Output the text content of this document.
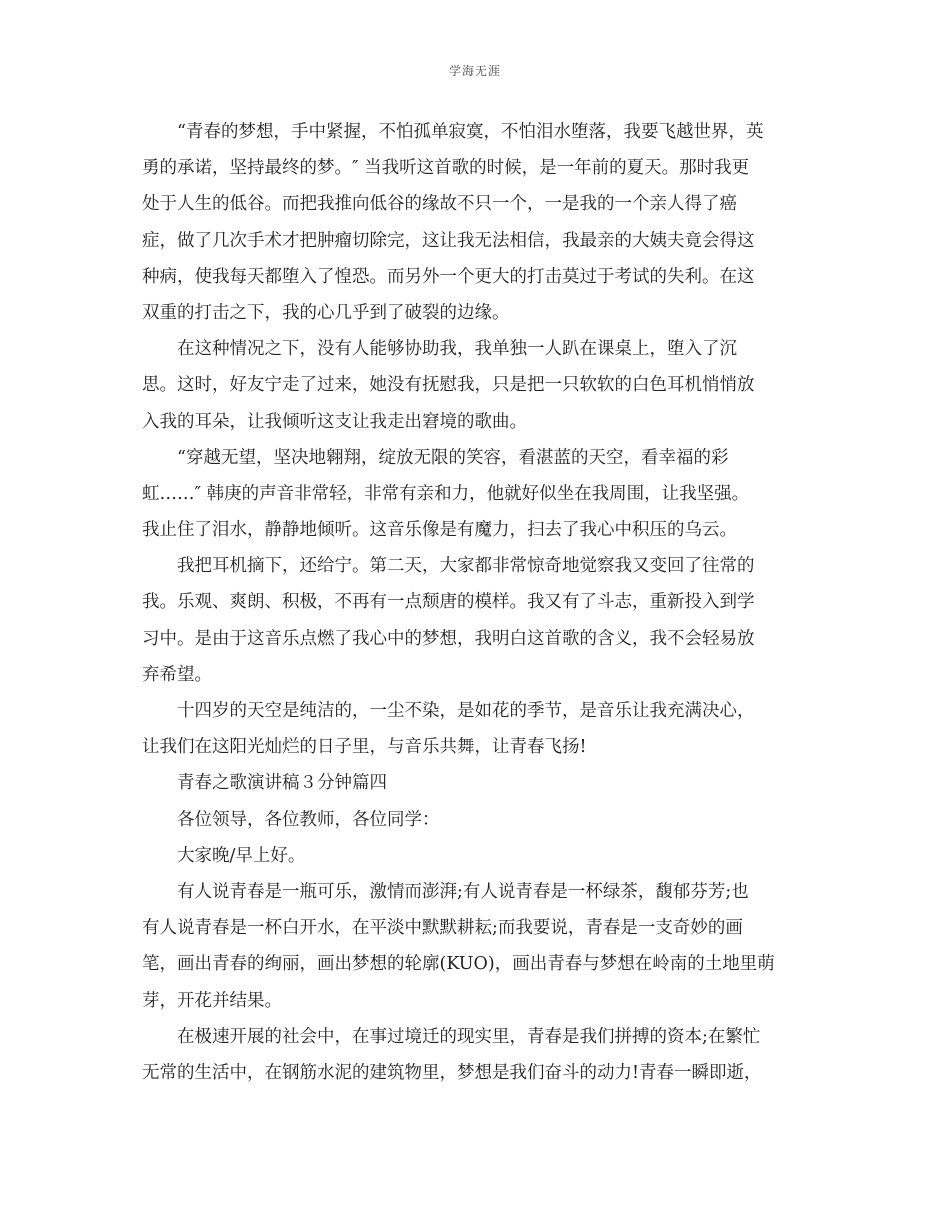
学海无涯
“青春的梦想，手中紧握，不怕孤单寂寞，不怕泪水堕落，我要飞越世界，英
勇的承诺，坚持最终的梦。″ 当我听这首歌的时候，是一年前的夏天。那时我更
处于人生的低谷。而把我推向低谷的缘故不只一个，一是我的一个亲人得了癌
症，做了几次手术才把肿瘤切除完，这让我无法相信，我最亲的大姨夫竟会得这
种病，使我每天都堕入了惶恐。而另外一个更大的打击莫过于考试的失利。在这
双重的打击之下，我的心几乎到了破裂的边缘。
在这种情况之下，没有人能够协助我，我单独一人趴在课桌上，堕入了沉
思。这时，好友宁走了过来，她没有抚慰我，只是把一只软软的白色耳机悄悄放
入我的耳朵，让我倾听这支让我走出窘境的歌曲。
“穿越无望，坚决地翱翔，绽放无限的笑容，看湛蓝的天空，看幸福的彩
虹……″ 韩庚的声音非常轻，非常有亲和力，他就好似坐在我周围，让我坚强。
我止住了泪水，静静地倾听。这音乐像是有魔力，扫去了我心中积压的乌云。
我把耳机摘下，还给宁。第二天，大家都非常惊奇地觉察我又变回了往常的
我。乐观、爽朗、积极，不再有一点颓唐的模样。我又有了斗志，重新投入到学
习中。是由于这音乐点燃了我心中的梦想，我明白这首歌的含义，我不会轻易放
弃希望。
十四岁的天空是纯洁的，一尘不染，是如花的季节，是音乐让我充满决心，
让我们在这阳光灿烂的日子里，与音乐共舞，让青春飞扬!
青春之歌演讲稿３分钟篇四
各位领导，各位教师，各位同学：
大家晚/早上好。
有人说青春是一瓶可乐，激情而澎湃;有人说青春是一杯绿茶，馥郁芬芳;也
有人说青春是一杯白开水，在平淡中默默耕耘;而我要说，青春是一支奇妙的画
笔，画出青春的绚丽，画出梦想的轮廓(KUO)，画出青春与梦想在岭南的土地里萌
芽，开花并结果。
在极速开展的社会中，在事过境迁的现实里，青春是我们拼搏的资本;在繁忙
无常的生活中，在钢筋水泥的建筑物里，梦想是我们奋斗的动力!青春一瞬即逝，
